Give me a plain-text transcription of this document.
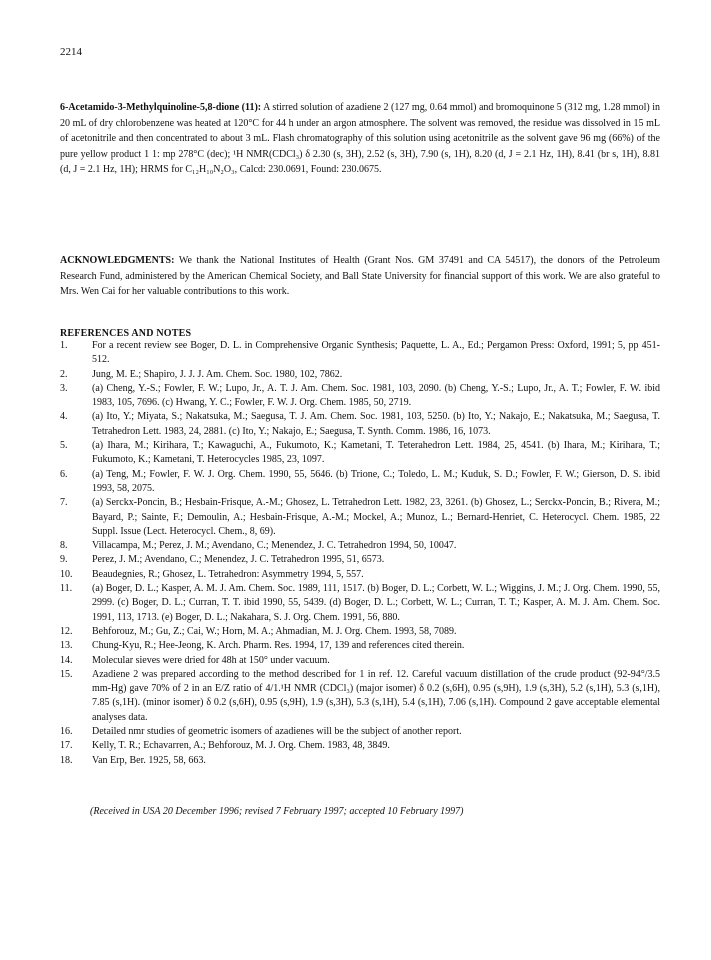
2214
6-Acetamido-3-Methylquinoline-5,8-dione (11): A stirred solution of azadiene 2 (127 mg, 0.64 mmol) and bromoquinone 5 (312 mg, 1.28 mmol) in 20 mL of dry chlorobenzene was heated at 120°C for 44 h under an argon atmosphere. The solvent was removed, the residue was dissolved in 15 mL of acetonitrile and then concentrated to about 3 mL. Flash chromatography of this solution using acetonitrile as the solvent gave 96 mg (66%) of the pure yellow product 1 1: mp 278°C (dec); ¹H NMR(CDCl₃) δ 2.30 (s, 3H), 2.52 (s, 3H), 7.90 (s, 1H), 8.20 (d, J = 2.1 Hz, 1H), 8.41 (br s, 1H), 8.81 (d, J = 2.1 Hz, 1H); HRMS for C₁₂H₁₀N₂O₃, Calcd: 230.0691, Found: 230.0675.
ACKNOWLEDGMENTS: We thank the National Institutes of Health (Grant Nos. GM 37491 and CA 54517), the donors of the Petroleum Research Fund, administered by the American Chemical Society, and Ball State University for financial support of this work. We are also grateful to Mrs. Wen Cai for her valuable contributions to this work.
REFERENCES AND NOTES
1.	For a recent review see Boger, D. L. in Comprehensive Organic Synthesis; Paquette, L. A., Ed.; Pergamon Press: Oxford, 1991; 5, pp 451-512.
2.	Jung, M. E.; Shapiro, J. J. J. Am. Chem. Soc. 1980, 102, 7862.
3.	(a) Cheng, Y.-S.; Fowler, F. W.; Lupo, Jr., A. T. J. Am. Chem. Soc. 1981, 103, 2090. (b) Cheng, Y.-S.; Lupo, Jr., A. T.; Fowler, F. W. ibid 1983, 105, 7696. (c) Hwang, Y. C.; Fowler, F. W. J. Org. Chem. 1985, 50, 2719.
4.	(a) Ito, Y.; Miyata, S.; Nakatsuka, M.; Saegusa, T. J. Am. Chem. Soc. 1981, 103, 5250. (b) Ito, Y.; Nakajo, E.; Nakatsuka, M.; Saegusa, T. Tetrahedron Lett. 1983, 24, 2881. (c) Ito, Y.; Nakajo, E.; Saegusa, T. Synth. Comm. 1986, 16, 1073.
5.	(a) Ihara, M.; Kirihara, T.; Kawaguchi, A., Fukumoto, K.; Kametani, T. Teterahedron Lett. 1984, 25, 4541. (b) Ihara, M.; Kirihara, T.; Fukumoto, K.; Kametani, T. Heterocycles 1985, 23, 1097.
6.	(a) Teng, M.; Fowler, F. W. J. Org. Chem. 1990, 55, 5646. (b) Trione, C.; Toledo, L. M.; Kuduk, S. D.; Fowler, F. W.; Gierson, D. S. ibid 1993, 58, 2075.
7.	(a) Serckx-Poncin, B.; Hesbain-Frisque, A.-M.; Ghosez, L. Tetrahedron Lett. 1982, 23, 3261. (b) Ghosez, L.; Serckx-Poncin, B.; Rivera, M.; Bayard, P.; Sainte, F.; Demoulin, A.; Hesbain-Frisque, A.-M.; Mockel, A.; Munoz, L.; Bernard-Henriet, C. Heterocycl. Chem. 1985, 22 Suppl. Issue (Lect. Heterocycl. Chem., 8, 69).
8.	Villacampa, M.; Perez, J. M.; Avendano, C.; Menendez, J. C. Tetrahedron 1994, 50, 10047.
9.	Perez, J. M.; Avendano, C.; Menendez, J. C. Tetrahedron 1995, 51, 6573.
10.	Beaudegnies, R.; Ghosez, L. Tetrahedron: Asymmetry 1994, 5, 557.
11.	(a) Boger, D. L.; Kasper, A. M. J. Am. Chem. Soc. 1989, 111, 1517. (b) Boger, D. L.; Corbett, W. L.; Wiggins, J. M.; J. Org. Chem. 1990, 55, 2999. (c) Boger, D. L.; Curran, T. T. ibid 1990, 55, 5439. (d) Boger, D. L.; Corbett, W. L.; Curran, T. T.; Kasper, A. M. J. Am. Chem. Soc. 1991, 113, 1713. (e) Boger, D. L.; Nakahara, S. J. Org. Chem. 1991, 56, 880.
12.	Behforouz, M.; Gu, Z.; Cai, W.; Horn, M. A.; Ahmadian, M. J. Org. Chem. 1993, 58, 7089.
13.	Chung-Kyu, R.; Hee-Jeong, K. Arch. Pharm. Res. 1994, 17, 139 and references cited therein.
14.	Molecular sieves were dried for 48h at 150° under vacuum.
15.	Azadiene 2 was prepared according to the method described for 1 in ref. 12. Careful vacuum distillation of the crude product (92-94°/3.5 mm-Hg) gave 70% of 2 in an E/Z ratio of 4/1.¹H NMR (CDCl₃) (major isomer) δ 0.2 (s,6H), 0.95 (s,9H), 1.9 (s,3H), 5.2 (s,1H), 5.3 (s,1H), 7.85 (s,1H). (minor isomer) δ 0.2 (s,6H), 0.95 (s,9H), 1.9 (s,3H), 5.3 (s,1H), 5.4 (s,1H), 7.06 (s,1H). Compound 2 gave acceptable elemental analyses data.
16.	Detailed nmr studies of geometric isomers of azadienes will be the subject of another report.
17.	Kelly, T. R.; Echavarren, A.; Behforouz, M. J. Org. Chem. 1983, 48, 3849.
18.	Van Erp, Ber. 1925, 58, 663.
(Received in USA 20 December 1996; revised 7 February 1997; accepted 10 February 1997)
